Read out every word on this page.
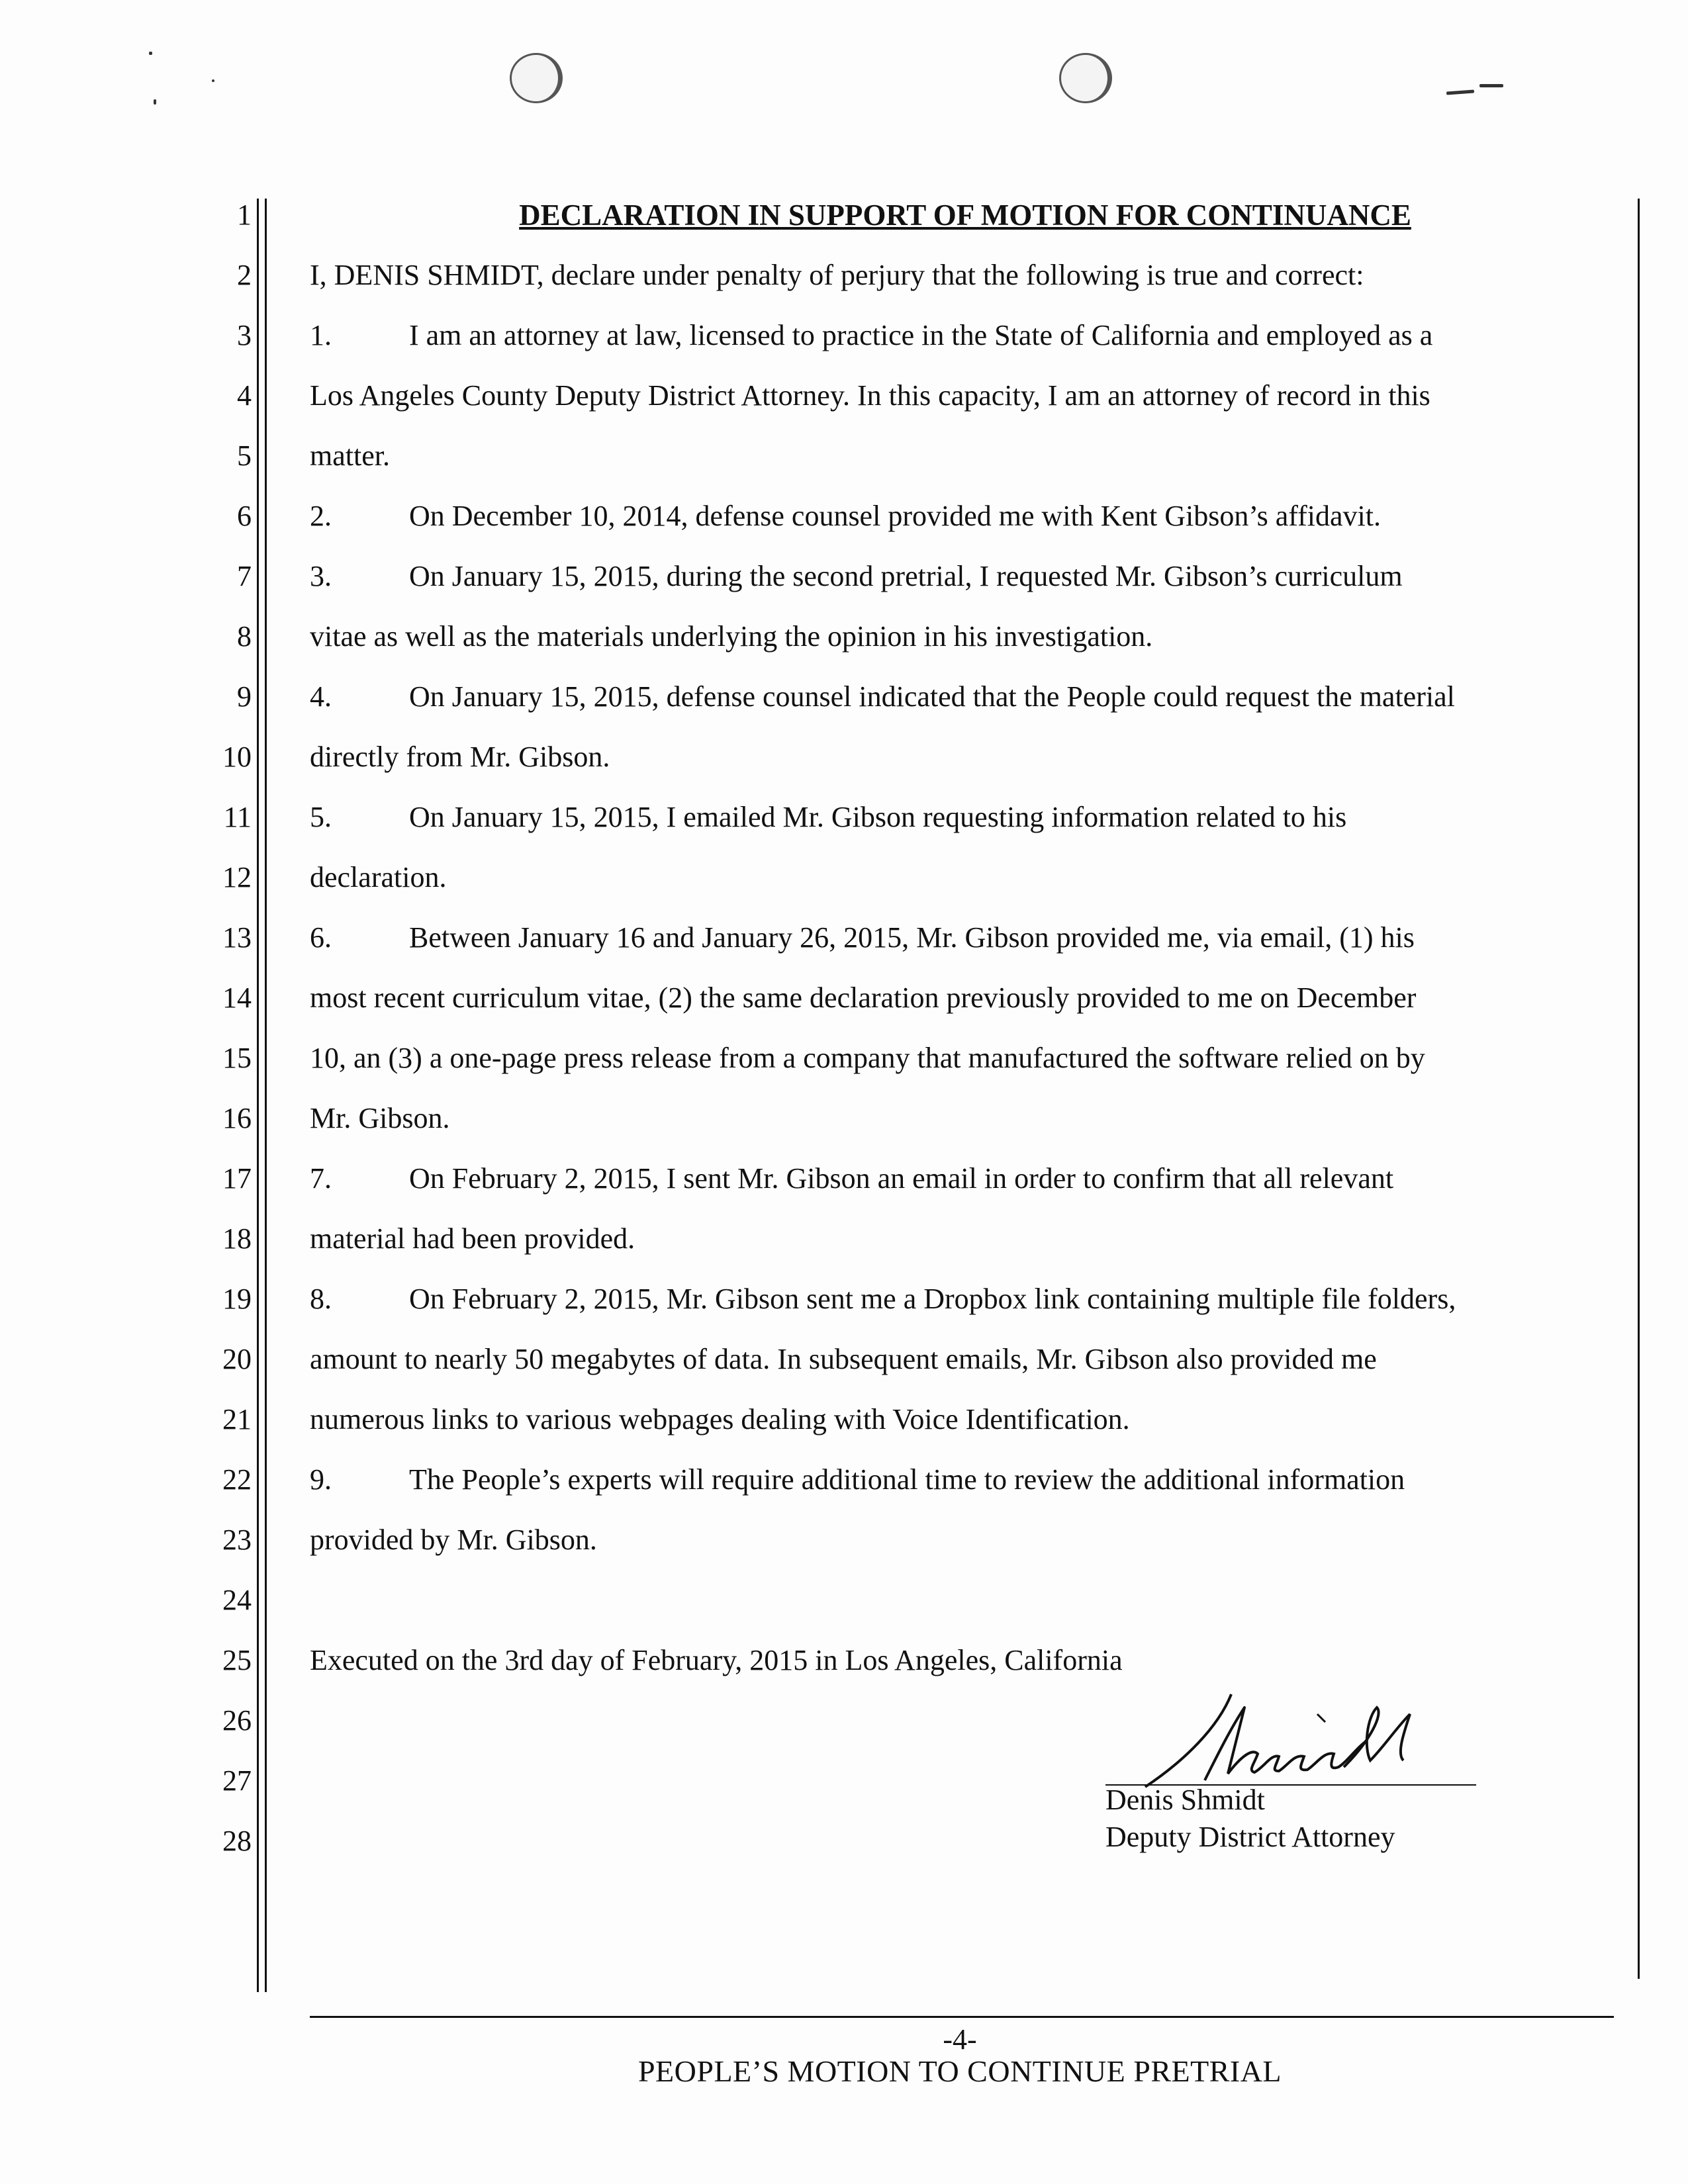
1
2
3
4
5
6
7
8
9
10
11
12
13
14
15
16
17
18
19
20
21
22
23
24
25
26
27
28
DECLARATION IN SUPPORT OF MOTION FOR CONTINUANCE
I, DENIS SHMIDT, declare under penalty of perjury that the following is true and correct:
1.	I am an attorney at law, licensed to practice in the State of California and employed as a
Los Angeles County Deputy District Attorney. In this capacity, I am an attorney of record in this
matter.
2.	On December 10, 2014, defense counsel provided me with Kent Gibson’s affidavit.
3.	On January 15, 2015, during the second pretrial, I requested Mr. Gibson’s curriculum
vitae as well as the materials underlying the opinion in his investigation.
4.	On January 15, 2015, defense counsel indicated that the People could request the material
directly from Mr. Gibson.
5.	On January 15, 2015, I emailed Mr. Gibson requesting information related to his
declaration.
6.	Between January 16 and January 26, 2015, Mr. Gibson provided me, via email, (1) his
most recent curriculum vitae, (2) the same declaration previously provided to me on December
10, an (3) a one-page press release from a company that manufactured the software relied on by
Mr. Gibson.
7.	On February 2, 2015, I sent Mr. Gibson an email in order to confirm that all relevant
material had been provided.
8.	On February 2, 2015, Mr. Gibson sent me a Dropbox link containing multiple file folders,
amount to nearly 50 megabytes of data. In subsequent emails, Mr. Gibson also provided me
numerous links to various webpages dealing with Voice Identification.
9.	The People’s experts will require additional time to review the additional information
provided by Mr. Gibson.
Executed on the 3rd day of February, 2015 in Los Angeles, California
Denis Shmidt
Deputy District Attorney
-4-
PEOPLE’S MOTION TO CONTINUE PRETRIAL
